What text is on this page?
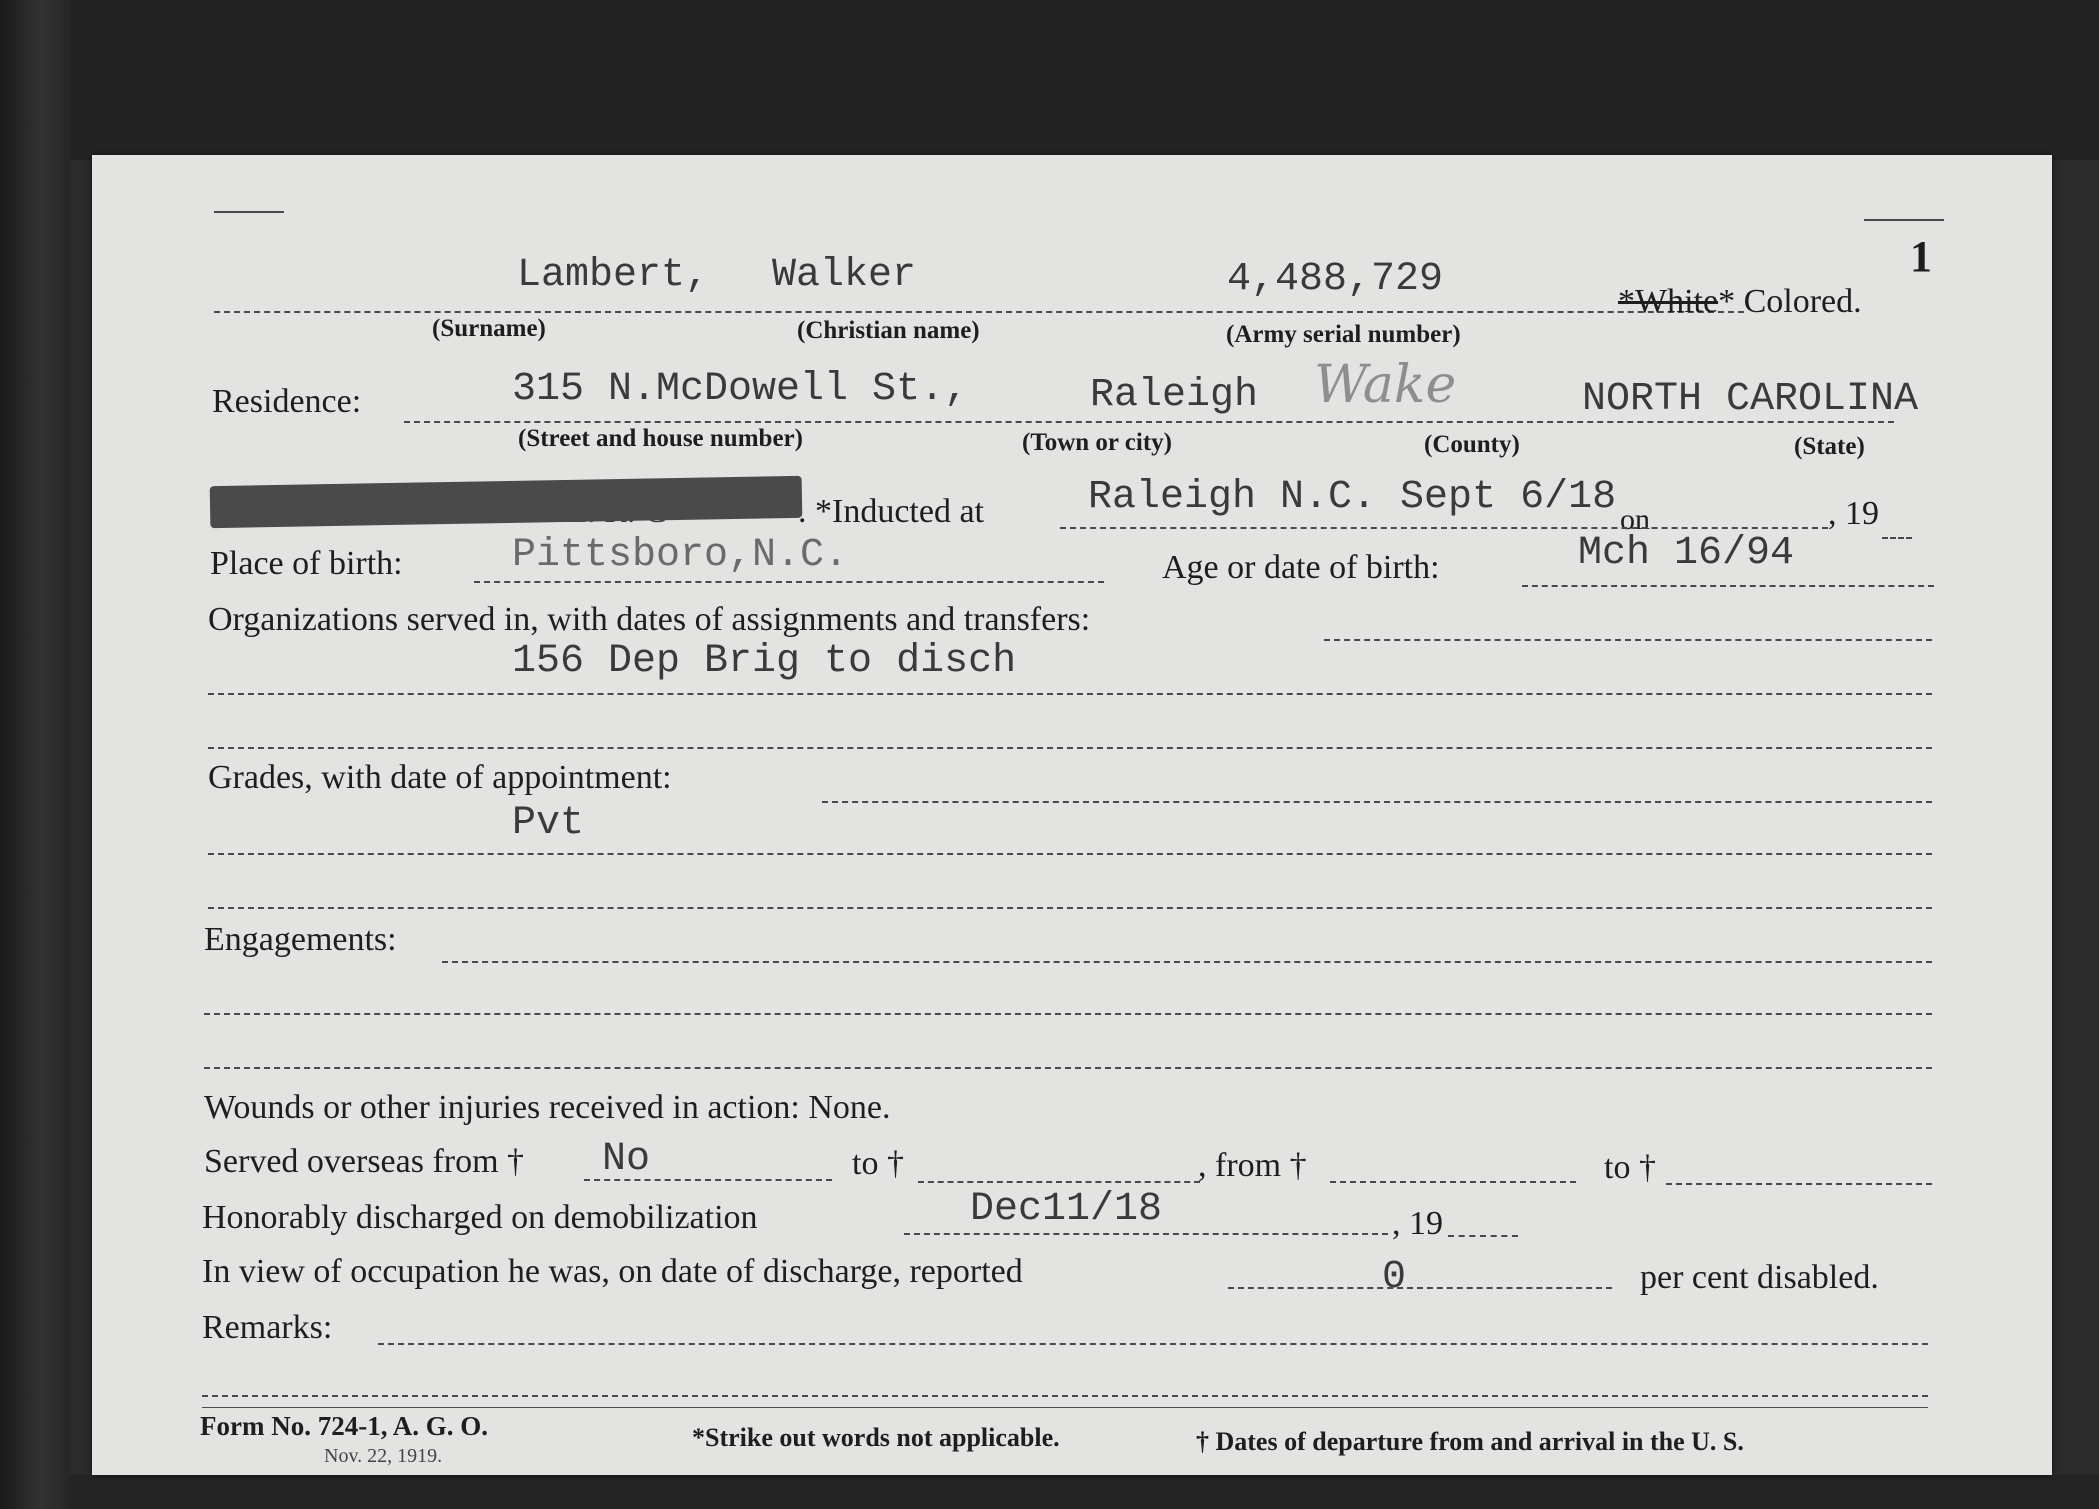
1
Lambert, Walker	4,488,729	*White* Colored.
(Surname)	(Christian name)	(Army serial number)
Residence:	315 N.McDowell St.,	Raleigh Wake	NORTH CAROLINA
(Street and house number)	(Town or city)	(County)	(State)
. *Inducted at	Raleigh N.C. Sept 6/18 on	, 19
Place of birth:	Pittsboro,N.C.	Age or date of birth:	Mch 16/94
Organizations served in, with dates of assignments and transfers:
156 Dep Brig to disch
Grades, with date of appointment:
Pvt
Engagements:
Wounds or other injuries received in action: None.
Served overseas from † No	to †	, from †	to †
Honorably discharged on demobilization	Dec11/18	, 19
In view of occupation he was, on date of discharge, reported	0	per cent disabled.
Remarks:
Form No. 724-1, A. G. O.
Nov. 22, 1919.
*Strike out words not applicable.	† Dates of departure from and arrival in the U. S.
